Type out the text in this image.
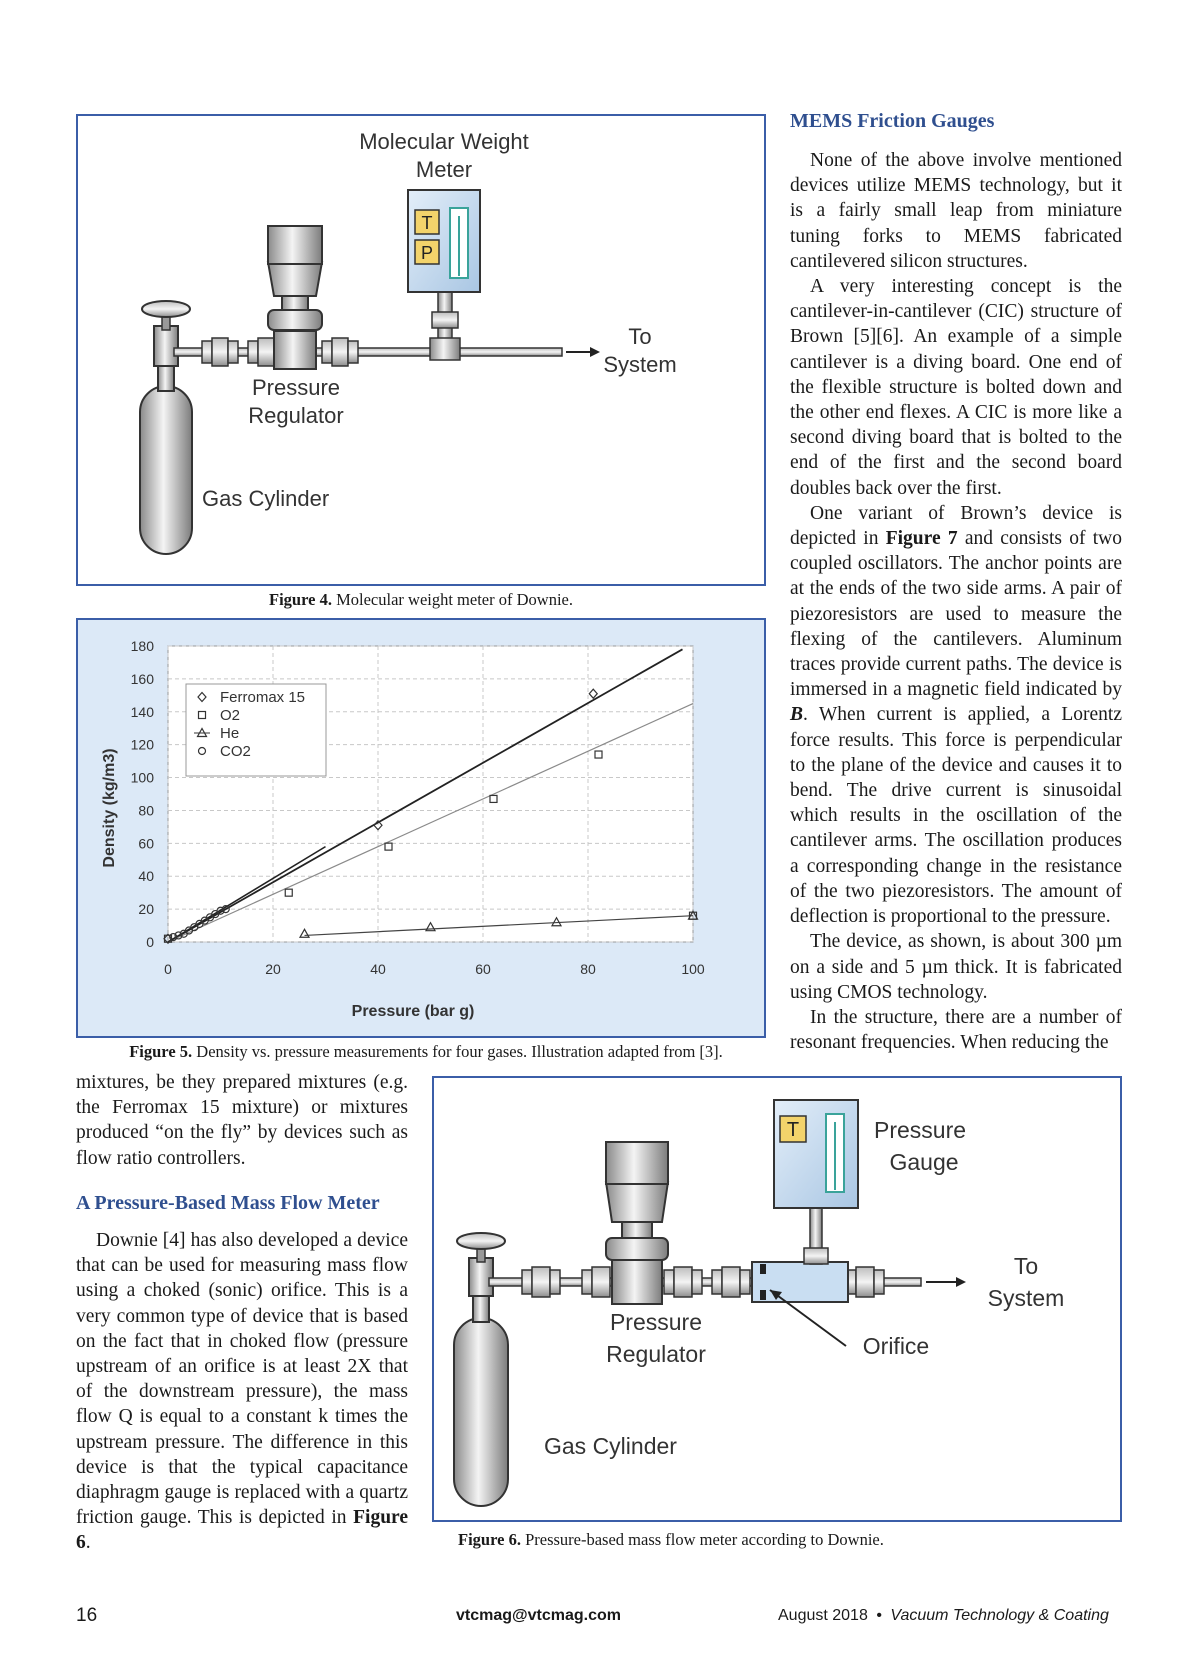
T
P
Molecular Weight
Meter
To
System
Pressure
Regulator
Gas Cylinder
Figure 4. Molecular weight meter of Downie.
0
20
40
60
80
100
120
140
160
180
0	20	40	60	80	100
Ferromax 15
O2
He
CO2
Pressure (bar g)
Density (kg/m3)
Figure 5. Density vs. pressure measurements for four gases. Illustration adapted from [3].
MEMS Friction Gauges

None of the above involve mentioned devices utilize MEMS technology, but it is a fairly small leap from miniature tuning forks to MEMS fabricated cantilevered silicon structures.

A very interesting concept is the cantilever-in-cantilever (CIC) structure of Brown [5][6]. An example of a simple cantilever is a diving board. One end of the flexible structure is bolted down and the other end flexes. A CIC is more like a second diving board that is bolted to the end of the first and the second board doubles back over the first.

One variant of Brown’s device is depicted in Figure 7 and consists of two coupled oscillators. The anchor points are at the ends of the two side arms. A pair of piezoresistors are used to measure the flexing of the cantilevers. Aluminum traces provide current paths. The device is immersed in a magnetic field indicated by B. When current is applied, a Lorentz force results. This force is perpendicular to the plane of the device and causes it to bend. The drive current is sinusoidal which results in the oscillation of the cantilever arms. The oscillation produces a corresponding change in the resistance of the two piezoresistors. The amount of deflection is proportional to the pressure.

The device, as shown, is about 300 µm on a side and 5 µm thick. It is fabricated using CMOS technology.

In the structure, there are a number of resonant frequencies. When reducing the

mixtures, be they prepared mixtures (e.g. the Ferromax 15 mixture) or mixtures produced “on the fly” by devices such as flow ratio controllers.

A Pressure-Based Mass Flow Meter

Downie [4] has also developed a device that can be used for measuring mass flow using a choked (sonic) orifice. This is a very common type of device that is based on the fact that in choked flow (pressure upstream of an orifice is at least 2X that of the downstream pressure), the mass flow Q is equal to a constant k times the upstream pressure. The difference in this device is that the typical capacitance diaphragm gauge is replaced with a quartz friction gauge. This is depicted in Figure 6.

T	Pressure
Gauge
To
System
Pressure
Regulator	Orifice
Gas Cylinder
Figure 6. Pressure-based mass flow meter according to Downie.
16	vtcmag@vtcmag.com	August 2018 • Vacuum Technology & Coating
